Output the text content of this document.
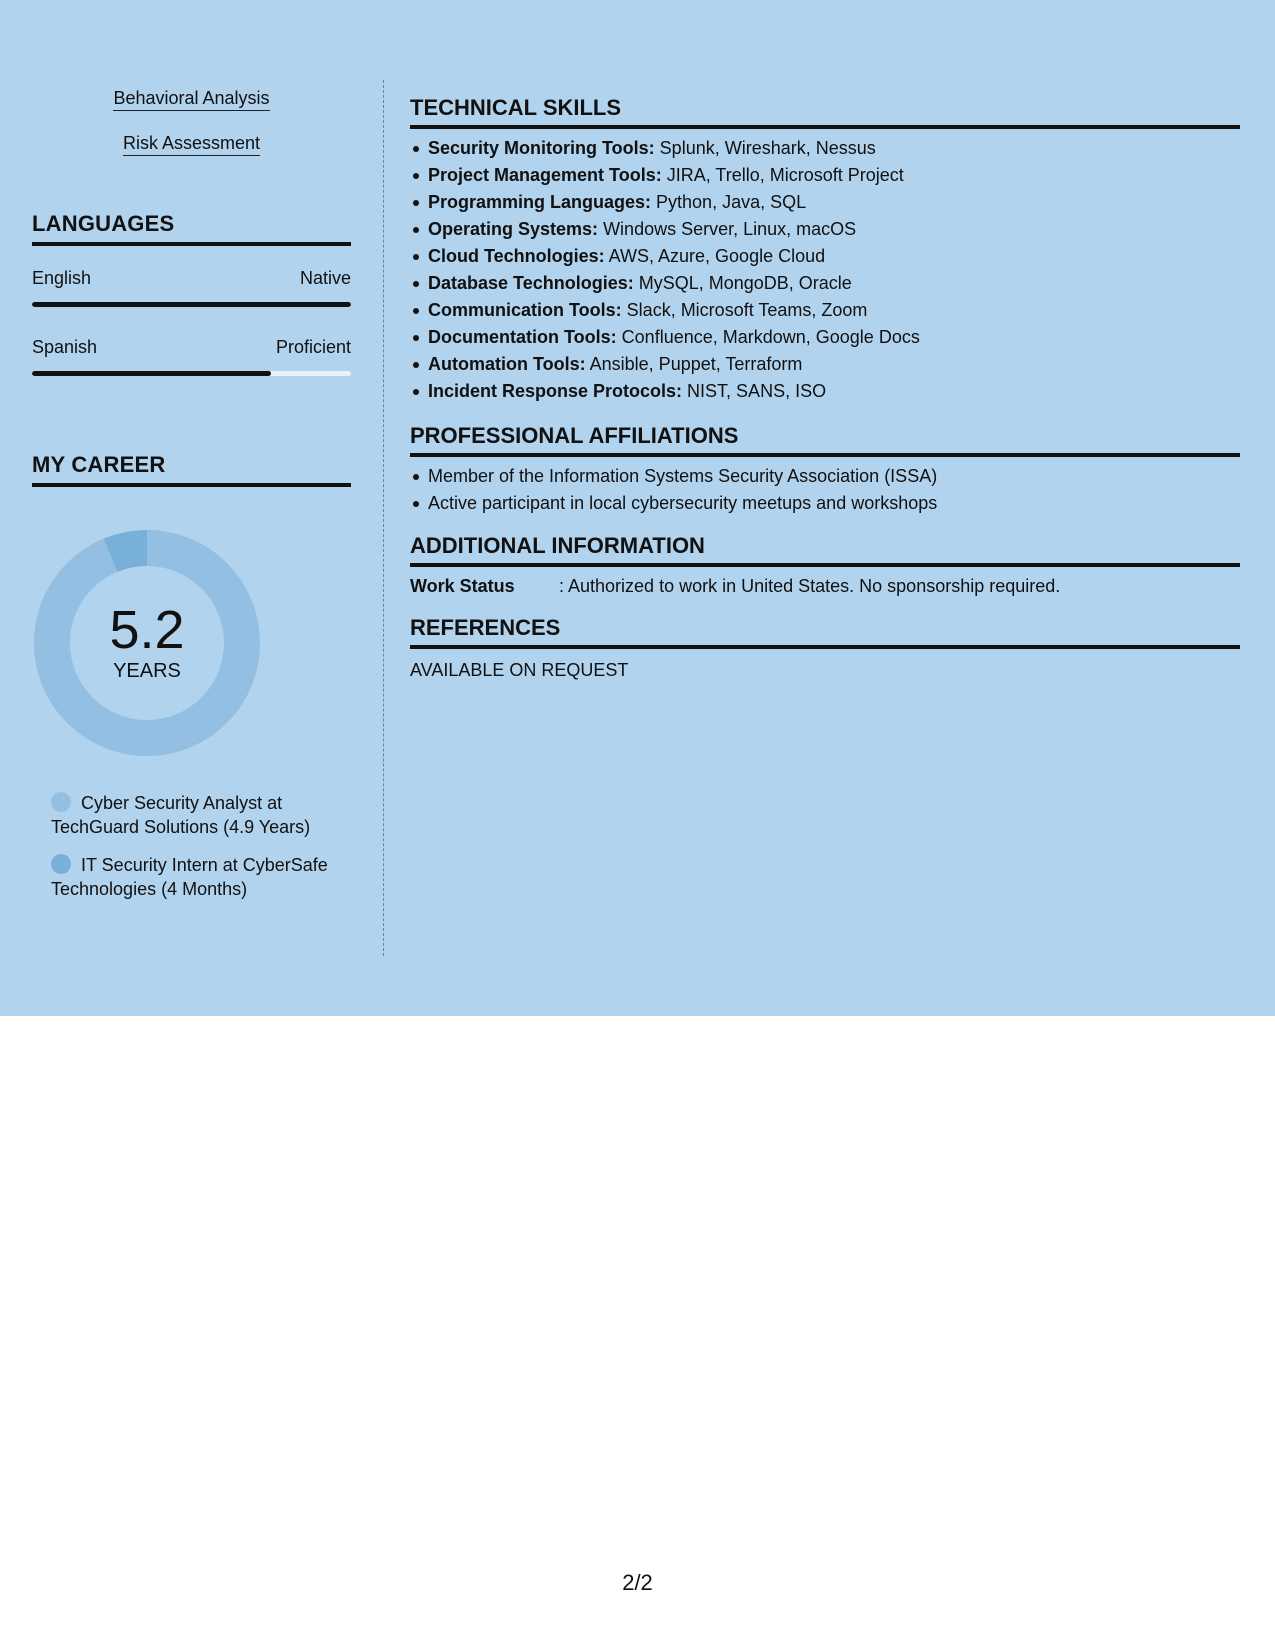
Behavioral Analysis
Risk Assessment
LANGUAGES
English	Native
Spanish	Proficient
MY CAREER
5.2
YEARS
Cyber Security Analyst at TechGuard Solutions (4.9 Years)
IT Security Intern at CyberSafe Technologies (4 Months)
TECHNICAL SKILLS
Security Monitoring Tools: Splunk, Wireshark, Nessus
Project Management Tools: JIRA, Trello, Microsoft Project
Programming Languages: Python, Java, SQL
Operating Systems: Windows Server, Linux, macOS
Cloud Technologies: AWS, Azure, Google Cloud
Database Technologies: MySQL, MongoDB, Oracle
Communication Tools: Slack, Microsoft Teams, Zoom
Documentation Tools: Confluence, Markdown, Google Docs
Automation Tools: Ansible, Puppet, Terraform
Incident Response Protocols: NIST, SANS, ISO
PROFESSIONAL AFFILIATIONS
Member of the Information Systems Security Association (ISSA)
Active participant in local cybersecurity meetups and workshops
ADDITIONAL INFORMATION
Work Status : Authorized to work in United States. No sponsorship required.
REFERENCES
AVAILABLE ON REQUEST
2/2
